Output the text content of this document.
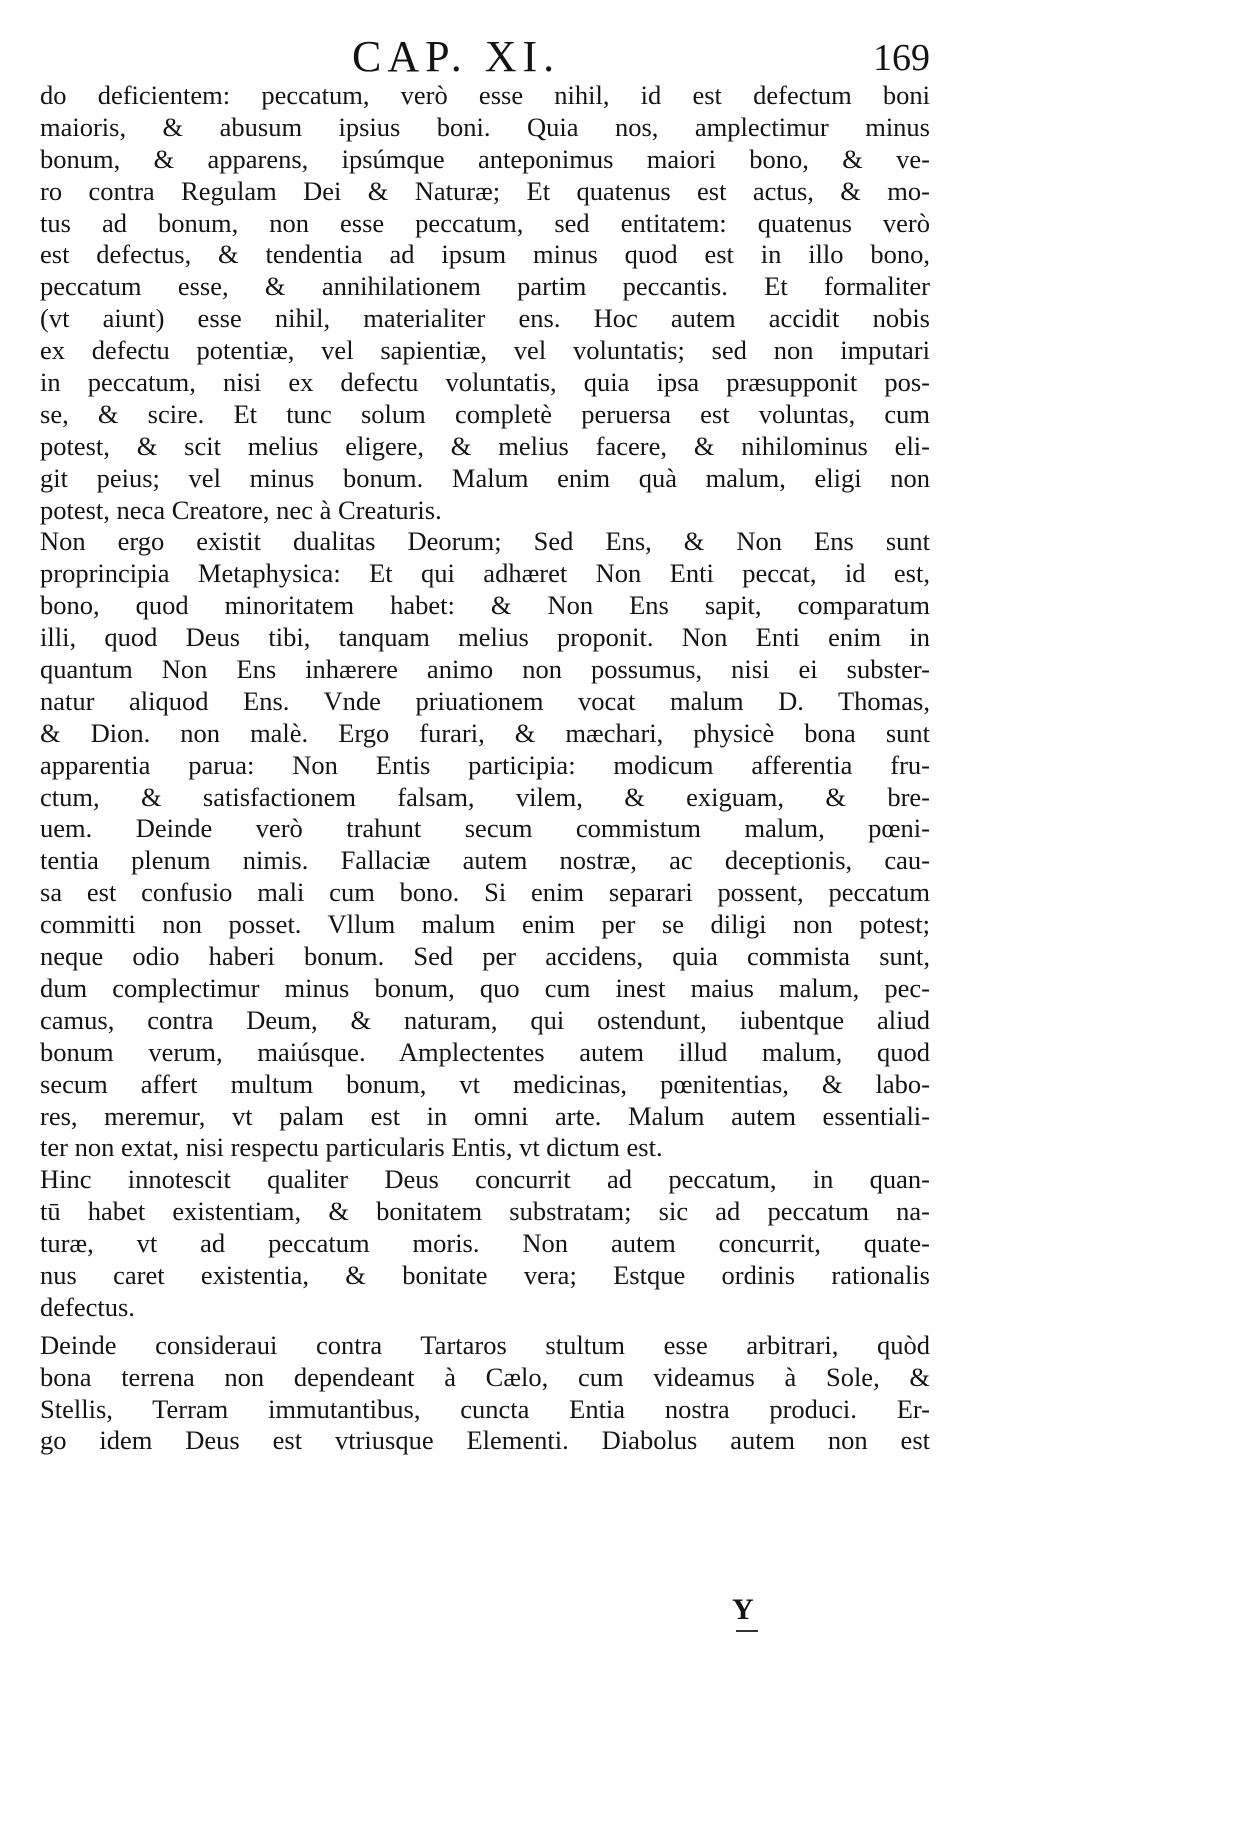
CAP. XI.	169
do deficientem: peccatum, verò esse nihil, id est defectum boni
maioris, & abusum ipsius boni. Quia nos, amplectimur minus
bonum, & apparens, ipsúmque anteponimus maiori bono, & ve-
ro contra Regulam Dei & Naturæ; Et quatenus est actus, & mo-
tus ad bonum, non esse peccatum, sed entitatem: quatenus verò
est defectus, & tendentia ad ipsum minus quod est in illo bono,
peccatum esse, & annihilationem partim peccantis. Et formaliter
(vt aiunt) esse nihil, materialiter ens. Hoc autem accidit nobis
ex defectu potentiæ, vel sapientiæ, vel voluntatis; sed non imputari
in peccatum, nisi ex defectu voluntatis, quia ipsa præsupponit pos-
se, & scire. Et tunc solum completè peruersa est voluntas, cum
potest, & scit melius eligere, & melius facere, & nihilominus eli-
git peius; vel minus bonum. Malum enim quà malum, eligi non
potest, neca Creatore, nec à Creaturis.
Non ergo existit dualitas Deorum; Sed Ens, & Non Ens sunt
proprincipia Metaphysica: Et qui adhæret Non Enti peccat, id est,
bono, quod minoritatem habet: & Non Ens sapit, comparatum
illi, quod Deus tibi, tanquam melius proponit. Non Enti enim in
quantum Non Ens inhærere animo non possumus, nisi ei subster-
natur aliquod Ens. Vnde priuationem vocat malum D. Thomas,
& Dion. non malè. Ergo furari, & mæchari, physicè bona sunt
apparentia parua: Non Entis participia: modicum afferentia fru-
ctum, & satisfactionem falsam, vilem, & exiguam, & bre-
uem. Deinde verò trahunt secum commistum malum, pœni-
tentia plenum nimis. Fallaciæ autem nostræ, ac deceptionis, cau-
sa est confusio mali cum bono. Si enim separari possent, peccatum
committi non posset. Vllum malum enim per se diligi non potest;
neque odio haberi bonum. Sed per accidens, quia commista sunt,
dum complectimur minus bonum, quo cum inest maius malum, pec-
camus, contra Deum, & naturam, qui ostendunt, iubentque aliud
bonum verum, maiúsque. Amplectentes autem illud malum, quod
secum affert multum bonum, vt medicinas, pœnitentias, & labo-
res, meremur, vt palam est in omni arte. Malum autem essentiali-
ter non extat, nisi respectu particularis Entis, vt dictum est.
Hinc innotescit qualiter Deus concurrit ad peccatum, in quan-
tū habet existentiam, & bonitatem substratam; sic ad peccatum na-
turæ, vt ad peccatum moris. Non autem concurrit, quate-
nus caret existentia, & bonitate vera; Estque ordinis rationalis
defectus.
Deinde consideraui contra Tartaros stultum esse arbitrari, quòd
bona terrena non dependeant à Cælo, cum videamus à Sole, &
Stellis, Terram immutantibus, cuncta Entia nostra produci. Er-
go idem Deus est vtriusque Elementi. Diabolus autem non est
Y
